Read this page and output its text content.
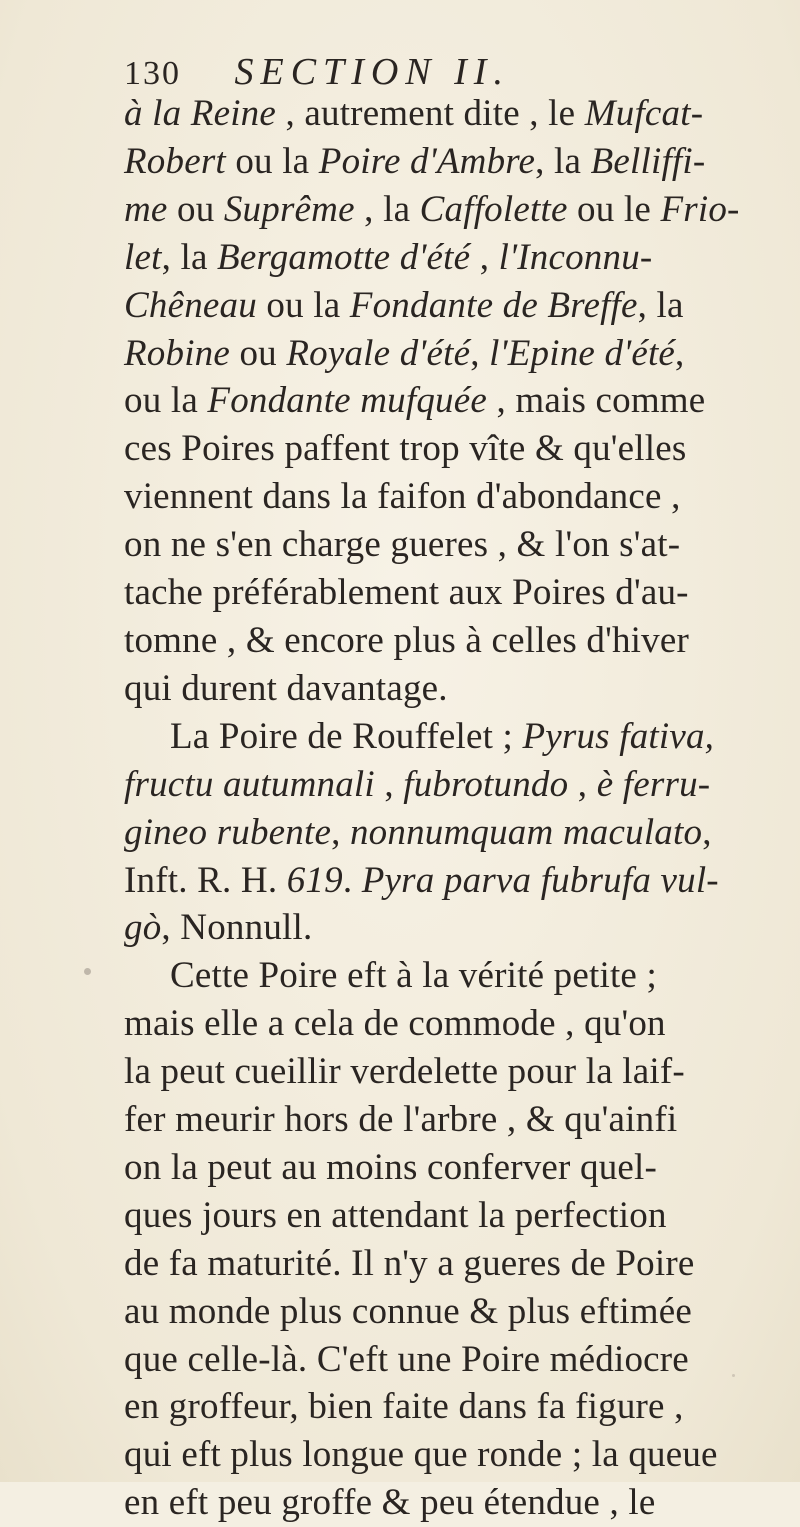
130 SECTION II.
à la Reine , autrement dite , le Mufcat-
Robert ou la Poire d'Ambre, la Belliffi-
me ou Suprême , la Caffolette ou le Frio-
let, la Bergamotte d'été , l'Inconnu-
Chêneau ou la Fondante de Breffe, la
Robine ou Royale d'été, l'Epine d'été,
ou la Fondante mufquée , mais comme
ces Poires paffent trop vîte & qu'elles
viennent dans la faifon d'abondance ,
on ne s'en charge gueres , & l'on s'at-
tache préférablement aux Poires d'au-
tomne , & encore plus à celles d'hiver
qui durent davantage.
La Poire de Rouffelet ; Pyrus fativa,
fructu autumnali , fubrotundo , è ferru-
gineo rubente, nonnumquam maculato,
Inft. R. H. 619. Pyra parva fubrufa vul-
gò, Nonnull.
Cette Poire eft à la vérité petite ;
mais elle a cela de commode , qu'on
la peut cueillir verdelette pour la laif-
fer meurir hors de l'arbre , & qu'ainfi
on la peut au moins conferver quel-
ques jours en attendant la perfection
de fa maturité. Il n'y a gueres de Poire
au monde plus connue & plus eftimée
que celle-là. C'eft une Poire médiocre
en groffeur, bien faite dans fa figure ,
qui eft plus longue que ronde ; la queue
en eft peu groffe & peu étendue , le
